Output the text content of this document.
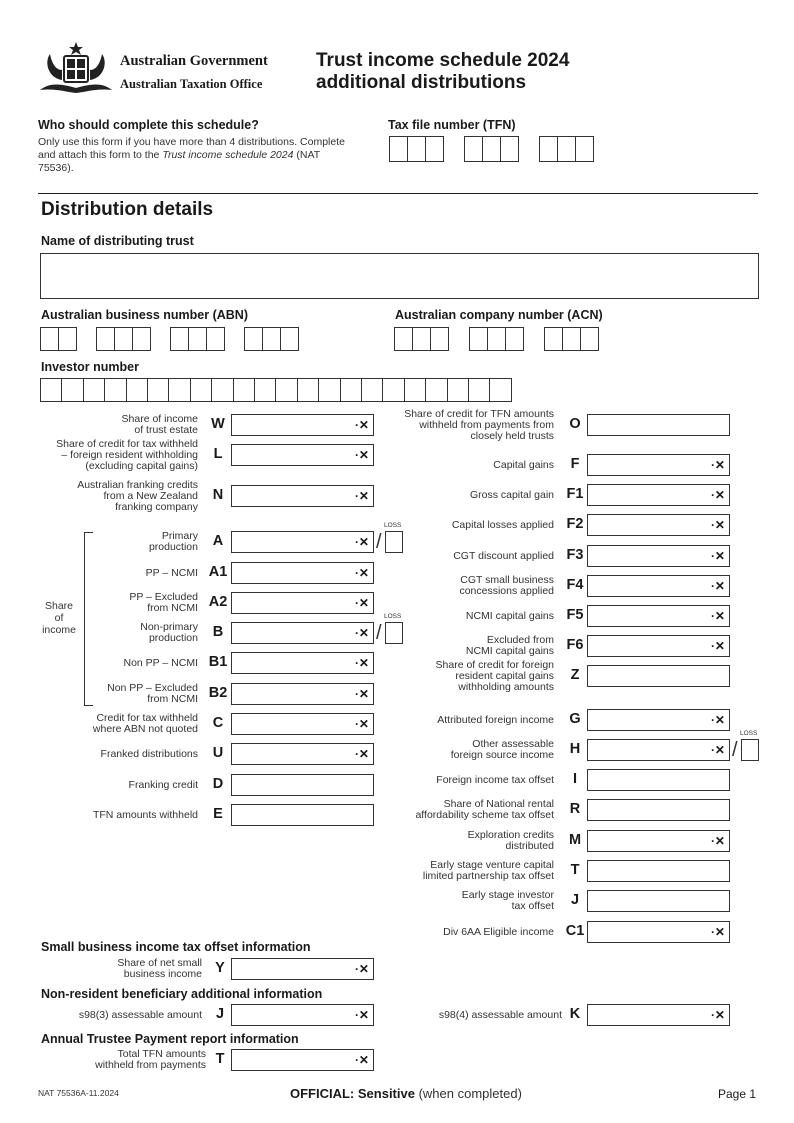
Australian Government
Australian Taxation Office
Trust income schedule 2024
additional distributions
Who should complete this schedule?
Only use this form if you have more than 4 distributions. Complete and attach this form to the Trust income schedule 2024 (NAT 75536).
Tax file number (TFN)
Distribution details
Name of distributing trust
Australian business number (ABN)	Australian company number (ACN)
Investor number
Share
of
income
Share of income
of trust estate W	·✕
Share of credit for tax withheld
– foreign resident withholding
(excluding capital gains)
L	·✕
Australian franking credits
from a New Zealand
franking company
N	·✕
Primary
production	A	·✕ /
LOSS
PP – NCMI A1	·✕
PP – Excluded
from NCMI A2	·✕
Non-primary
production	B	·✕ /
LOSS
Non PP – NCMI B1	·✕
Non PP – Excluded
from NCMI B2	·✕
Credit for tax withheld
where ABN not quoted	C	·✕
Franked distributions	U	·✕
Franking credit	D
TFN amounts withheld	E
Share of credit for TFN amounts
withheld from payments from
closely held trusts
O
Capital gains	F	·✕
Gross capital gain F1	·✕
Capital losses applied F2	·✕
CGT discount applied F3	·✕
CGT small business
concessions applied F4	·✕
NCMI capital gains F5	·✕
Excluded from
NCMI capital gains F6	·✕
Share of credit for foreign
resident capital gains
withholding amounts
Z
Attributed foreign income	G	·✕
Other assessable
foreign source income	H	·✕ /
LOSS
Foreign income tax offset	I
Share of National rental
affordability scheme tax offset	R
Exploration credits
distributed	M	·✕
Early stage venture capital
limited partnership tax offset	T
Early stage investor
tax offset	J
Div 6AA Eligible income C1	·✕
Small business income tax offset information
Share of net small
business income Y	·✕
Non-resident beneficiary additional information
s98(3) assessable amount J	·✕	s98(4) assessable amount K	·✕
Annual Trustee Payment report information
Total TFN amounts
withheld from payments T	·✕
NAT 75536A-11.2024	OFFICIAL: Sensitive (when completed)	Page 1
